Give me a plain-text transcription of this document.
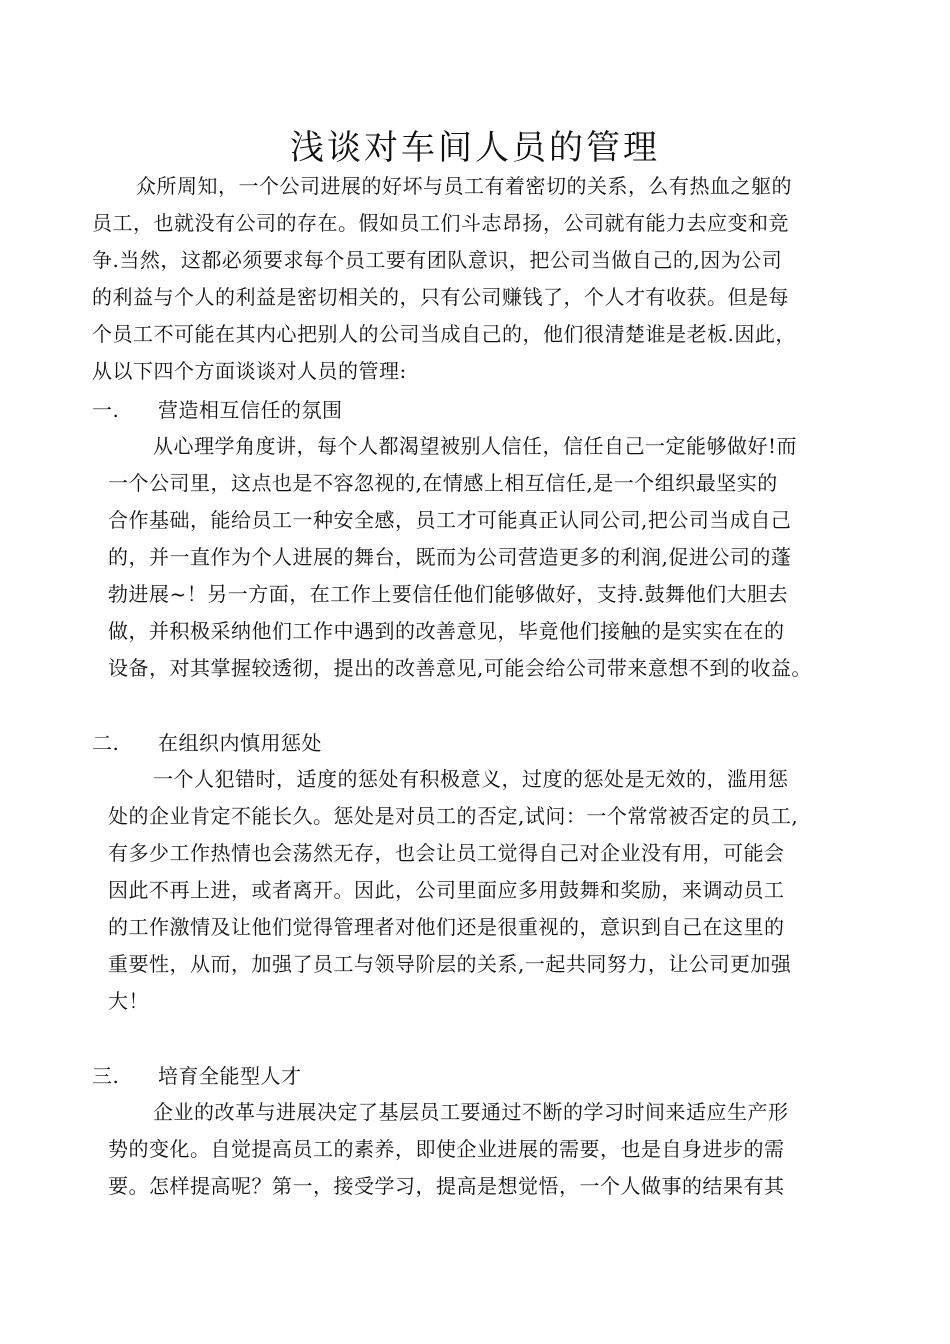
浅谈对车间人员的管理
众所周知，一个公司进展的好坏与员工有着密切的关系，么有热血之躯的
员工，也就没有公司的存在。假如员工们斗志昂扬，公司就有能力去应变和竞
争.当然，这都必须要求每个员工要有团队意识，把公司当做自己的,因为公司
的利益与个人的利益是密切相关的，只有公司赚钱了，个人才有收获。但是每
个员工不可能在其内心把别人的公司当成自己的，他们很清楚谁是老板.因此，
从以下四个方面谈谈对人员的管理:
一. 营造相互信任的氛围
从心理学角度讲，每个人都渴望被别人信任，信任自己一定能够做好!而
一个公司里，这点也是不容忽视的,在情感上相互信任,是一个组织最坚实的
合作基础，能给员工一种安全感，员工才可能真正认同公司,把公司当成自己
的，并一直作为个人进展的舞台，既而为公司营造更多的利润,促进公司的蓬
勃进展~！另一方面，在工作上要信任他们能够做好，支持.鼓舞他们大胆去
做，并积极采纳他们工作中遇到的改善意见，毕竟他们接触的是实实在在的
设备，对其掌握较透彻，提出的改善意见,可能会给公司带来意想不到的收益。
二. 在组织内慎用惩处
一个人犯错时，适度的惩处有积极意义，过度的惩处是无效的，滥用惩
处的企业肯定不能长久。惩处是对员工的否定,试问：一个常常被否定的员工,
有多少工作热情也会荡然无存，也会让员工觉得自己对企业没有用，可能会
因此不再上进，或者离开。因此，公司里面应多用鼓舞和奖励，来调动员工
的工作激情及让他们觉得管理者对他们还是很重视的，意识到自己在这里的
重要性，从而，加强了员工与领导阶层的关系,一起共同努力，让公司更加强
大！
三. 培育全能型人才
企业的改革与进展决定了基层员工要通过不断的学习时间来适应生产形
势的变化。自觉提高员工的素养，即使企业进展的需要，也是自身进步的需
要。怎样提高呢？第一，接受学习，提高是想觉悟，一个人做事的结果有其
